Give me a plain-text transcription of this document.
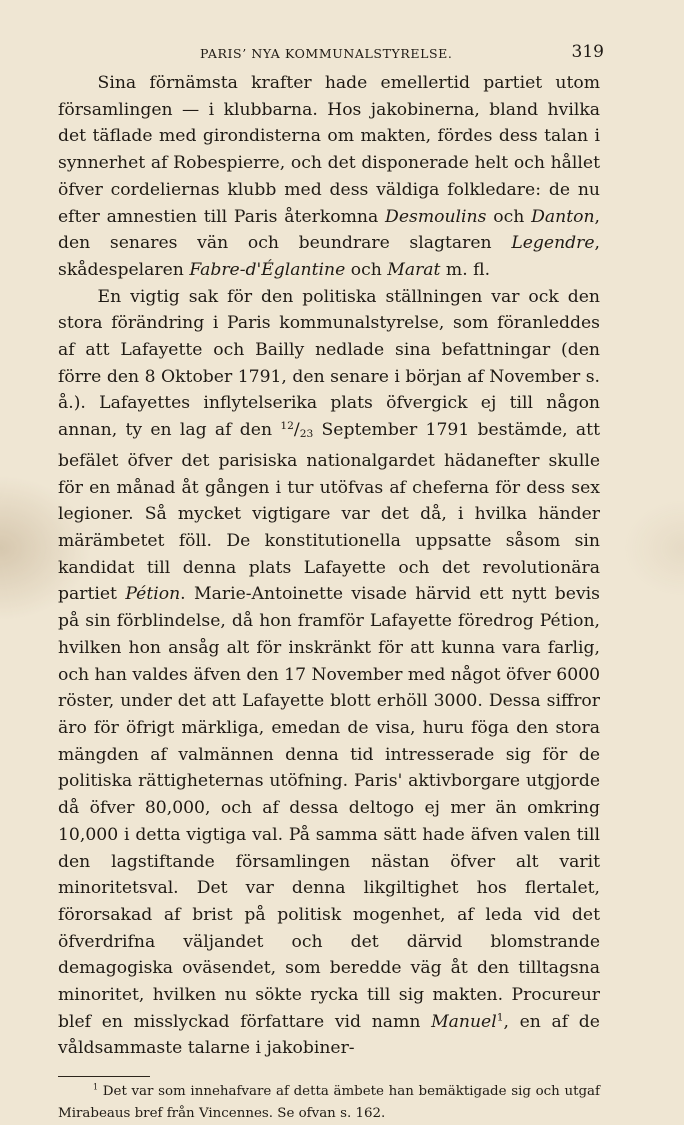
PARIS’ NYA KOMMUNALSTYRELSE.	319

Sina förnämsta krafter hade emellertid partiet utom församlingen — i klubbarna. Hos jakobinerna, bland hvilka det täflade med girondisterna om makten, fördes dess talan i synnerhet af Robespierre, och det disponerade helt och hållet öfver cordeliernas klubb med dess väldiga folkledare: de nu efter amnestien till Paris återkomna Desmoulins och Danton, den senares vän och beundrare slagtaren Legendre, skådespelaren Fabre-d'Églantine och Marat m. fl.

En vigtig sak för den politiska ställningen var ock den stora förändring i Paris kommunalstyrelse, som föranleddes af att Lafayette och Bailly nedlade sina befattningar (den förre den 8 Oktober 1791, den senare i början af November s. å.). Lafayettes inflytelserika plats öfvergick ej till någon annan, ty en lag af den $^{12}/_{23}$ September 1791 bestämde, att befälet öfver det parisiska nationalgardet hädanefter skulle för en månad åt gången i tur utöfvas af cheferna för dess sex legioner. Så mycket vigtigare var det då, i hvilka händer märämbetet föll. De konstitutionella uppsatte såsom sin kandidat till denna plats Lafayette och det revolutionära partiet Pétion. Marie-Antoinette visade härvid ett nytt bevis på sin förblindelse, då hon framför Lafayette föredrog Pétion, hvilken hon ansåg alt för inskränkt för att kunna vara farlig, och han valdes äfven den 17 November med något öfver 6000 röster, under det att Lafayette blott erhöll 3000. Dessa siffror äro för öfrigt märkliga, emedan de visa, huru föga den stora mängden af valmännen denna tid intresserade sig för de politiska rättigheternas utöfning. Paris' aktivborgare utgjorde då öfver 80,000, och af dessa deltogo ej mer än omkring 10,000 i detta vigtiga val. På samma sätt hade äfven valen till den lagstiftande församlingen nästan öfver alt varit minoritetsval. Det var denna likgiltighet hos flertalet, förorsakad af brist på politisk mogenhet, af leda vid det öfverdrifna väljandet och det därvid blomstrande demagogiska oväsendet, som beredde väg åt den tilltagsna minoritet, hvilken nu sökte rycka till sig makten. Procureur blef en misslyckad författare vid namn Manuel$^1$, en af de våldsammaste talarne i jakobiner-

$^1$ Det var som innehafvare af detta ämbete han bemäktigade sig och utgaf Mirabeaus bref från Vincennes. Se ofvan s. 162.
